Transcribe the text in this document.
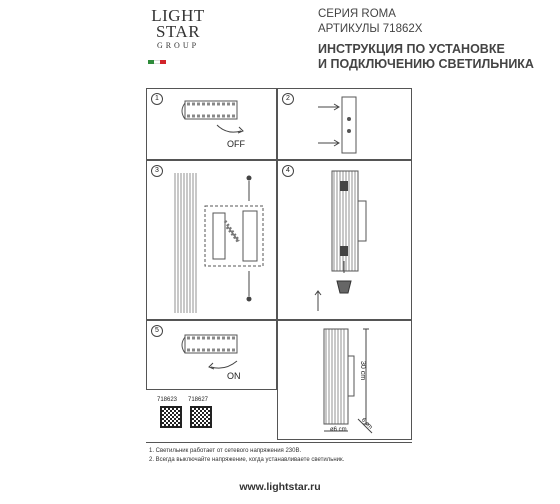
LIGHT
STAR
GROUP
СЕРИЯ ROMA
АРТИКУЛЫ 71862X
ИНСТРУКЦИЯ ПО УСТАНОВКЕ
И ПОДКЛЮЧЕНИЮ СВЕТИЛЬНИКА
1
OFF
2
3	4
5
ON	30 cm
6 cm
ø6 cm
718623 718627
1. Светильник работает от сетевого напряжения 230В.
2. Всегда выключайте напряжение, когда устанавливаете светильник.
www.lightstar.ru
